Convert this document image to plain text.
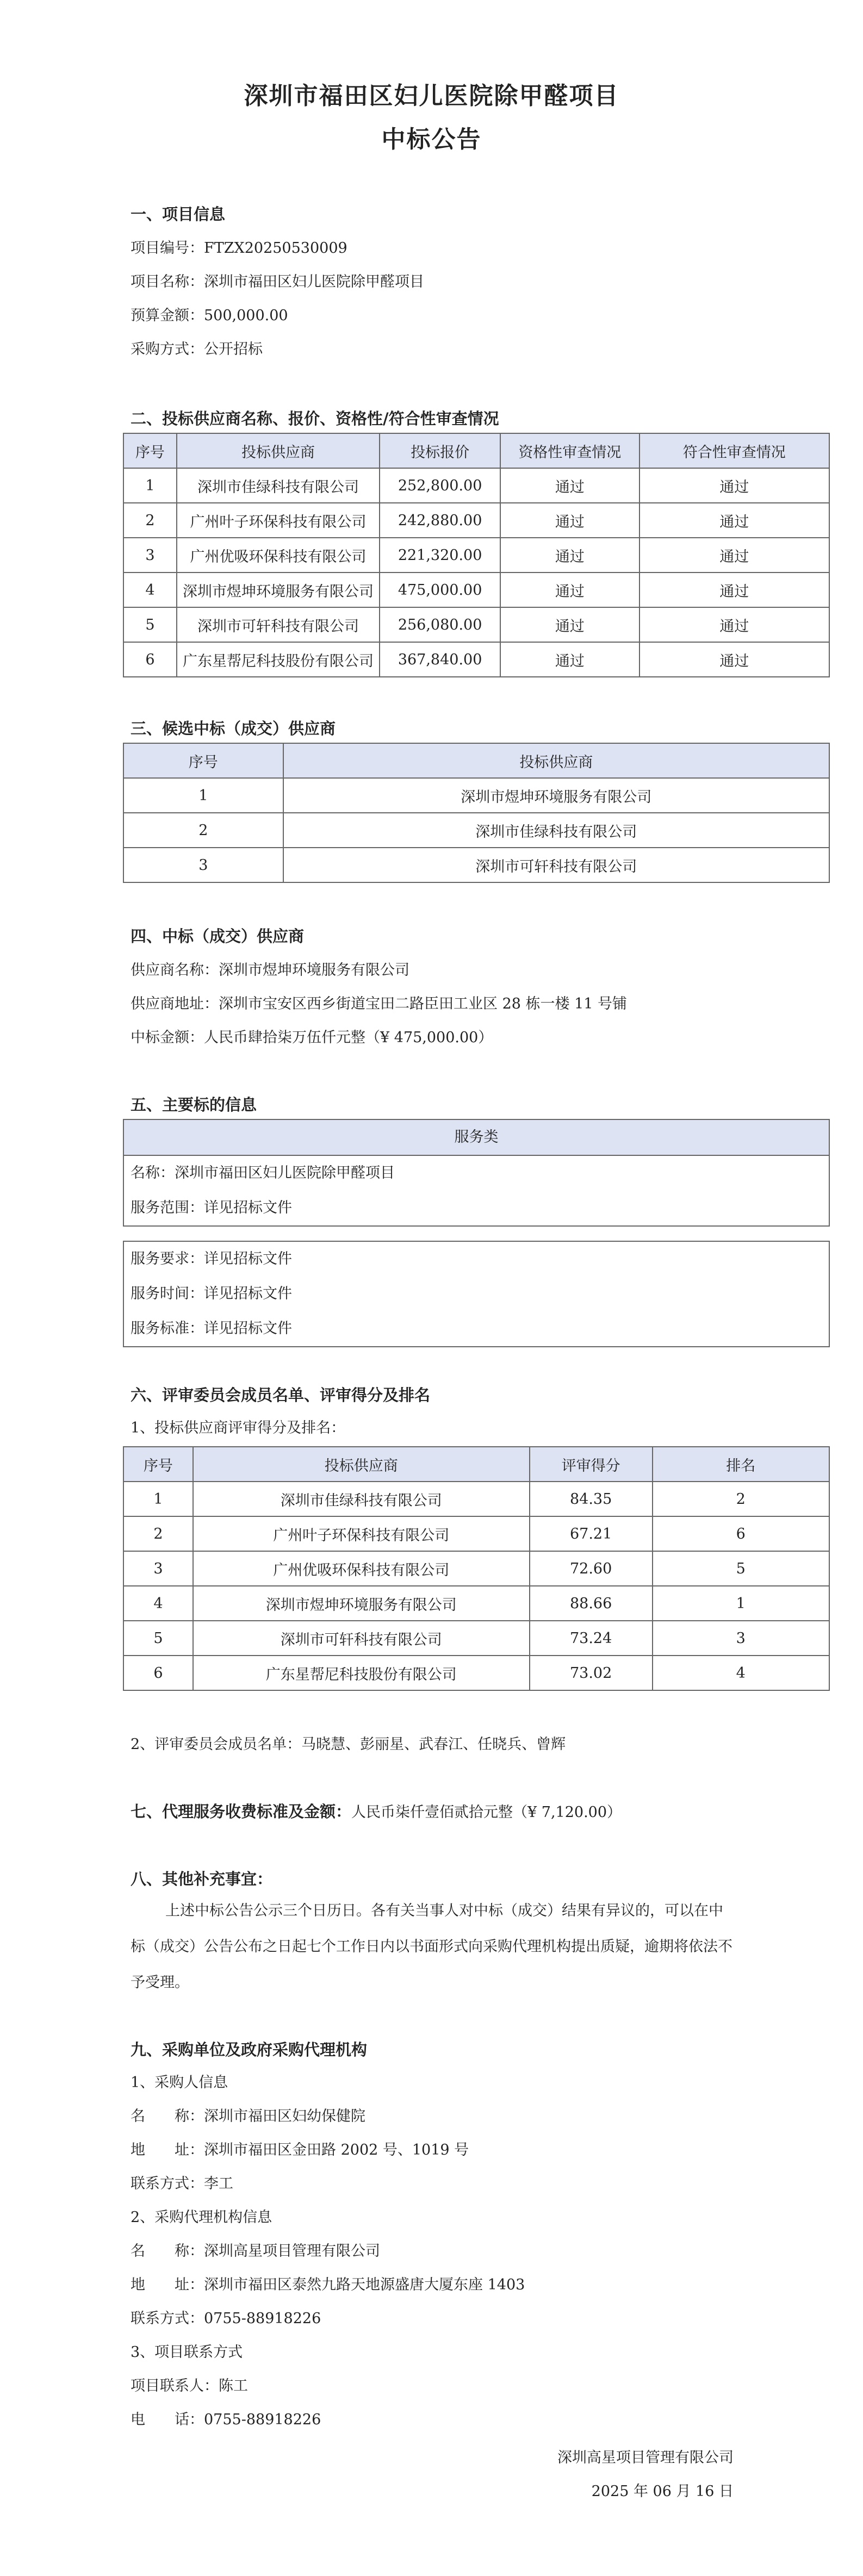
深圳市福田区妇儿医院除甲醛项目
中标公告
一、项目信息
项目编号：FTZX20250530009
项目名称：深圳市福田区妇儿医院除甲醛项目
预算金额：500,000.00
采购方式：公开招标
二、投标供应商名称、报价、资格性/符合性审查情况
序号	投标供应商	投标报价	资格性审查情况	符合性审查情况
1	深圳市佳绿科技有限公司	252,800.00	通过	通过
2	广州叶子环保科技有限公司	242,880.00	通过	通过
3	广州优吸环保科技有限公司	221,320.00	通过	通过
4	深圳市煜坤环境服务有限公司	475,000.00	通过	通过
5	深圳市可轩科技有限公司	256,080.00	通过	通过
6	广东星帮尼科技股份有限公司	367,840.00	通过	通过
三、候选中标（成交）供应商
序号	投标供应商
1	深圳市煜坤环境服务有限公司
2	深圳市佳绿科技有限公司
3	深圳市可轩科技有限公司
四、中标（成交）供应商
供应商名称：深圳市煜坤环境服务有限公司
供应商地址：深圳市宝安区西乡街道宝田二路臣田工业区 28 栋一楼 11 号铺
中标金额：人民币肆拾柒万伍仟元整（¥ 475,000.00）
五、主要标的信息
服务类
名称：深圳市福田区妇儿医院除甲醛项目
服务范围：详见招标文件
服务要求：详见招标文件
服务时间：详见招标文件
服务标准：详见招标文件
六、评审委员会成员名单、评审得分及排名
1、投标供应商评审得分及排名：
序号	投标供应商	评审得分	排名
1	深圳市佳绿科技有限公司	84.35	2
2	广州叶子环保科技有限公司	67.21	6
3	广州优吸环保科技有限公司	72.60	5
4	深圳市煜坤环境服务有限公司	88.66	1
5	深圳市可轩科技有限公司	73.24	3
6	广东星帮尼科技股份有限公司	73.02	4
2、评审委员会成员名单：马晓慧、彭丽星、武春江、任晓兵、曾辉
七、代理服务收费标准及金额：人民币柒仟壹佰贰拾元整（¥ 7,120.00）
八、其他补充事宜：
上述中标公告公示三个日历日。各有关当事人对中标（成交）结果有异议的，可以在中标（成交）公告公布之日起七个工作日内以书面形式向采购代理机构提出质疑，逾期将依法不予受理。
九、采购单位及政府采购代理机构
1、采购人信息
名　　称：深圳市福田区妇幼保健院
地　　址：深圳市福田区金田路 2002 号、1019 号
联系方式：李工
2、采购代理机构信息
名　　称：深圳高星项目管理有限公司
地　　址：深圳市福田区泰然九路天地源盛唐大厦东座 1403
联系方式：0755-88918226
3、项目联系方式
项目联系人：陈工
电　　话：0755-88918226
深圳高星项目管理有限公司
2025 年 06 月 16 日
